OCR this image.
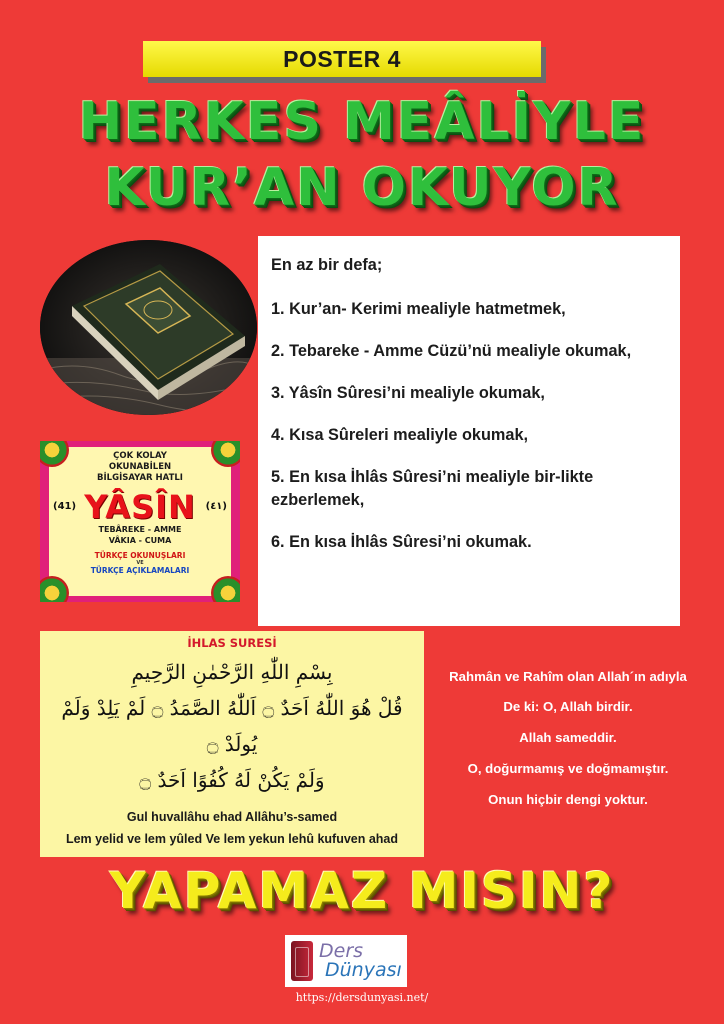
POSTER 4
HERKES MEÂLİYLE
KUR’AN OKUYOR
ÇOK KOLAY
OKUNABİLEN
BİLGİSAYAR HATLI
(41) YÂSÎN (٤١)
TEBÂREKE - AMME
VÂKIA - CUMA
TÜRKÇE OKUNUŞLARI
VE
TÜRKÇE AÇIKLAMALARI

En az bir defa;

1. Kur’an- Kerimi mealiyle hatmetmek,

2. Tebareke - Amme Cüzü’nü mealiyle okumak,

3. Yâsîn Sûresi’ni mealiyle okumak,

4. Kısa Sûreleri mealiyle okumak,

5. En kısa İhlâs Sûresi’ni mealiyle bir-likte ezberlemek,

6. En kısa İhlâs Sûresi’ni okumak.

İHLAS SURESİ
بِسْمِ اللّٰهِ الرَّحْمٰنِ الرَّحِيمِ
قُلْ هُوَ اللّٰهُ اَحَدٌ ۝ اَللّٰهُ الصَّمَدُ ۝ لَمْ يَلِدْ وَلَمْ يُولَدْ ۝
وَلَمْ يَكُنْ لَهُ كُفُوًا اَحَدٌ ۝
Gul huvallâhu ehad Allâhu’s-samed
Lem yelid ve lem yûled Ve lem yekun lehû kufuven ahad
Rahmân ve Rahîm olan Allah´ın adıyla
De ki: O, Allah birdir.
Allah sameddir.
O, doğurmamış ve doğmamıştır.
Onun hiçbir dengi yoktur.
YAPAMAZ MISIN?
Ders
Dünyası
https://dersdunyasi.net/
